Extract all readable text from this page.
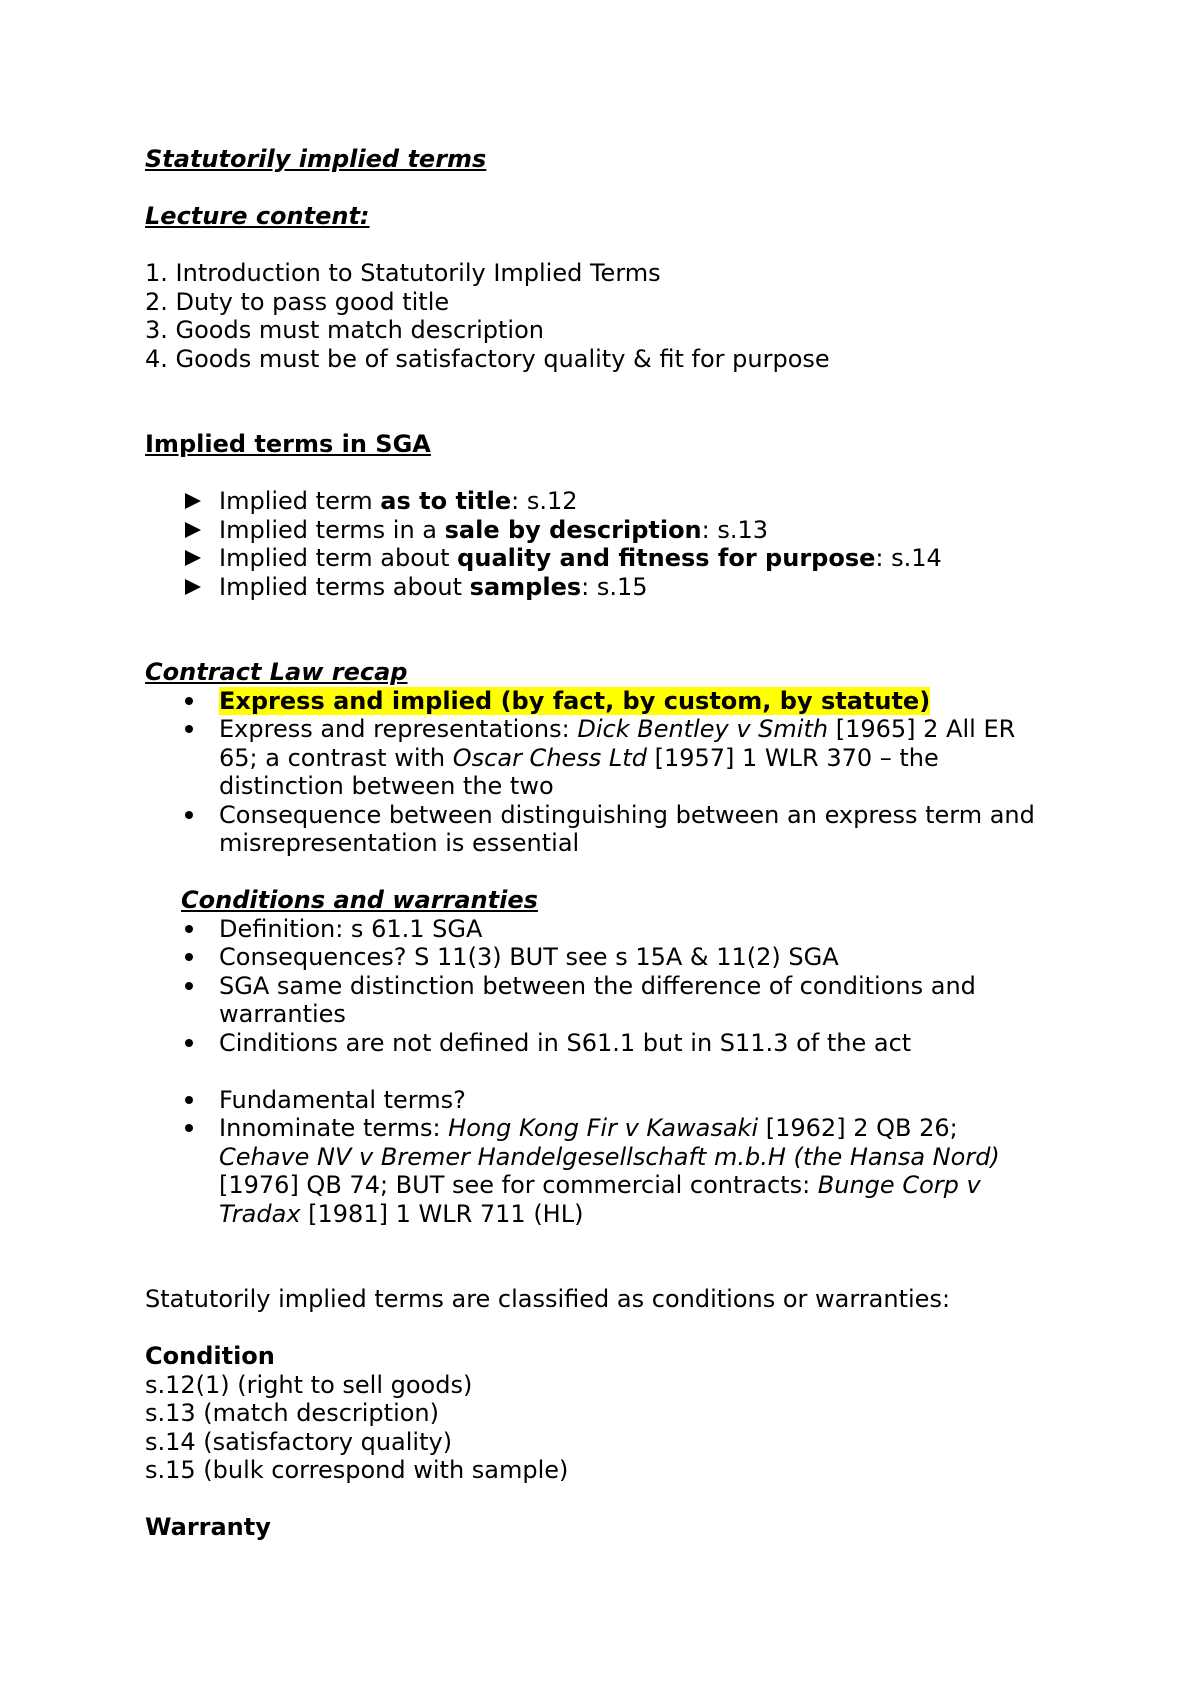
Statutorily implied terms
Lecture content:
1. Introduction to Statutorily Implied Terms
2. Duty to pass good title
3. Goods must match description
4. Goods must be of satisfactory quality & fit for purpose
Implied terms in SGA
Implied term as to title: s.12
Implied terms in a sale by description: s.13
Implied term about quality and fitness for purpose: s.14
Implied terms about samples: s.15
Contract Law recap
Express and implied (by fact, by custom, by statute)
Express and representations: Dick Bentley v Smith [1965] 2 All ER
65; a contrast with Oscar Chess Ltd [1957] 1 WLR 370 – the
distinction between the two
Consequence between distinguishing between an express term and
misrepresentation is essential
Conditions and warranties
Definition: s 61.1 SGA
Consequences? S 11(3) BUT see s 15A & 11(2) SGA
SGA same distinction between the difference of conditions and
warranties
Cinditions are not defined in S61.1 but in S11.3 of the act
Fundamental terms?
Innominate terms: Hong Kong Fir v Kawasaki [1962] 2 QB 26;
Cehave NV v Bremer Handelgesellschaft m.b.H (the Hansa Nord)
[1976] QB 74; BUT see for commercial contracts: Bunge Corp v
Tradax [1981] 1 WLR 711 (HL)
Statutorily implied terms are classified as conditions or warranties:
Condition
s.12(1) (right to sell goods)
s.13 (match description)
s.14 (satisfactory quality)
s.15 (bulk correspond with sample)
Warranty
